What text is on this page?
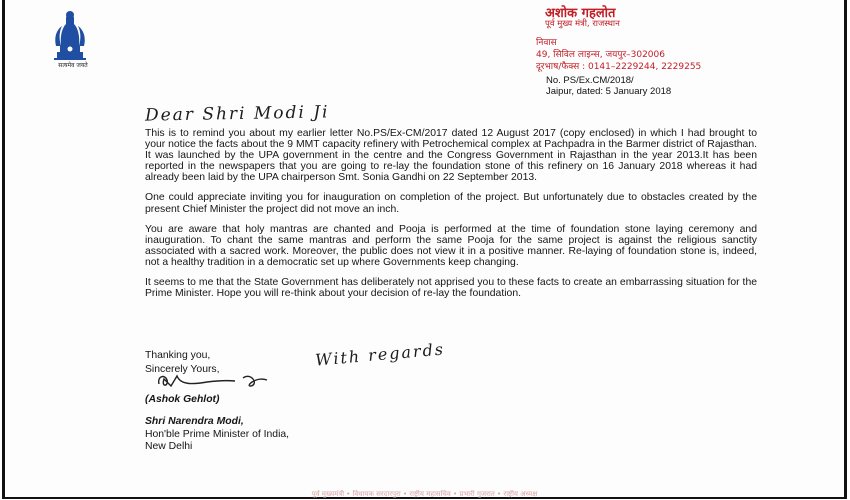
सत्यमेव जयते
अशोक गहलोत
पूर्व मुख्य मंत्री, राजस्थान
निवास
49, सिविल लाइन्स, जयपुर–302006
दूरभाष/फैक्स : 0141–2229244, 2229255
No. PS/Ex.CM/2018/
Jaipur, dated: 5 January 2018
Dear Shri Modi Ji

This is to remind you about my earlier letter No.PS/Ex-CM/2017 dated 12 August 2017 (copy enclosed) in which I had brought to your notice the facts about the 9 MMT capacity refinery with Petrochemical complex at Pachpadra in the Barmer district of Rajasthan. It was launched by the UPA government in the centre and the Congress Government in Rajasthan in the year 2013.It has been reported in the newspapers that you are going to re-lay the foundation stone of this refinery on 16 January 2018 whereas it had already been laid by the UPA chairperson Smt. Sonia Gandhi on 22 September 2013.

One could appreciate inviting you for inauguration on completion of the project. But unfortunately due to obstacles created by the present Chief Minister the project did not move an inch.

You are aware that holy mantras are chanted and Pooja is performed at the time of foundation stone laying ceremony and inauguration. To chant the same mantras and perform the same Pooja for the same project is against the religious sanctity associated with a sacred work. Moreover, the public does not view it in a positive manner. Re-laying of foundation stone is, indeed, not a healthy tradition in a democratic set up where Governments keep changing.

It seems to me that the State Government has deliberately not apprised you to these facts to create an embarrassing situation for the Prime Minister. Hope you will re-think about your decision of re-lay the foundation.

Thanking you,	With regards
Sincerely Yours,
(Ashok Gehlot)
Shri Narendra Modi,
Hon'ble Prime Minister of India,
New Delhi
पूर्व मुख्यमंत्री • विधायक सरदारपुरा • राष्ट्रीय महासचिव • प्रभारी गुजरात • राष्ट्रीय अध्यक्ष
